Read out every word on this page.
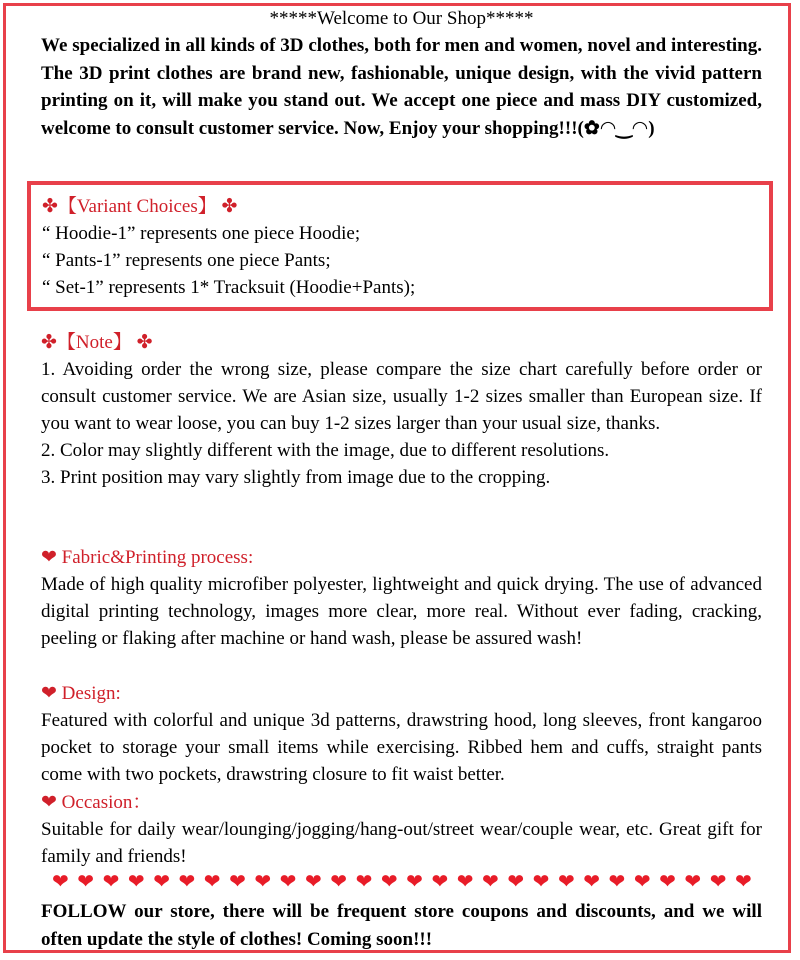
*****Welcome to Our Shop*****

We specialized in all kinds of 3D clothes, both for men and women, novel and interesting. The 3D print clothes are brand new, fashionable, unique design, with the vivid pattern printing on it, will make you stand out. We accept one piece and mass DIY customized, welcome to consult customer service. Now, Enjoy your shopping!!!(✿◠‿◠)

✤【Variant Choices】 ✤

“ Hoodie-1” represents one piece Hoodie;

“ Pants-1” represents one piece Pants;

“ Set-1” represents 1* Tracksuit (Hoodie+Pants);

✤【Note】 ✤

1. Avoiding order the wrong size, please compare the size chart carefully before order or consult customer service. We are Asian size, usually 1-2 sizes smaller than European size. If you want to wear loose, you can buy 1-2 sizes larger than your usual size, thanks.

2. Color may slightly different with the image, due to different resolutions.

3. Print position may vary slightly from image due to the cropping.

❤ Fabric&Printing process:

Made of high quality microfiber polyester, lightweight and quick drying. The use of advanced digital printing technology, images more clear, more real. Without ever fading, cracking, peeling or flaking after machine or hand wash, please be assured wash!

❤ Design:

Featured with colorful and unique 3d patterns, drawstring hood, long sleeves, front kangaroo pocket to storage your small items while exercising. Ribbed hem and cuffs, straight pants come with two pockets, drawstring closure to fit waist better.

❤ Occasion：

Suitable for daily wear/lounging/jogging/hang-out/street wear/couple wear, etc. Great gift for family and friends!

❤ ❤ ❤ ❤ ❤ ❤ ❤ ❤ ❤ ❤ ❤ ❤ ❤ ❤ ❤ ❤ ❤ ❤ ❤ ❤ ❤ ❤ ❤ ❤ ❤ ❤ ❤ ❤

FOLLOW our store, there will be frequent store coupons and discounts, and we will often update the style of clothes! Coming soon!!!
